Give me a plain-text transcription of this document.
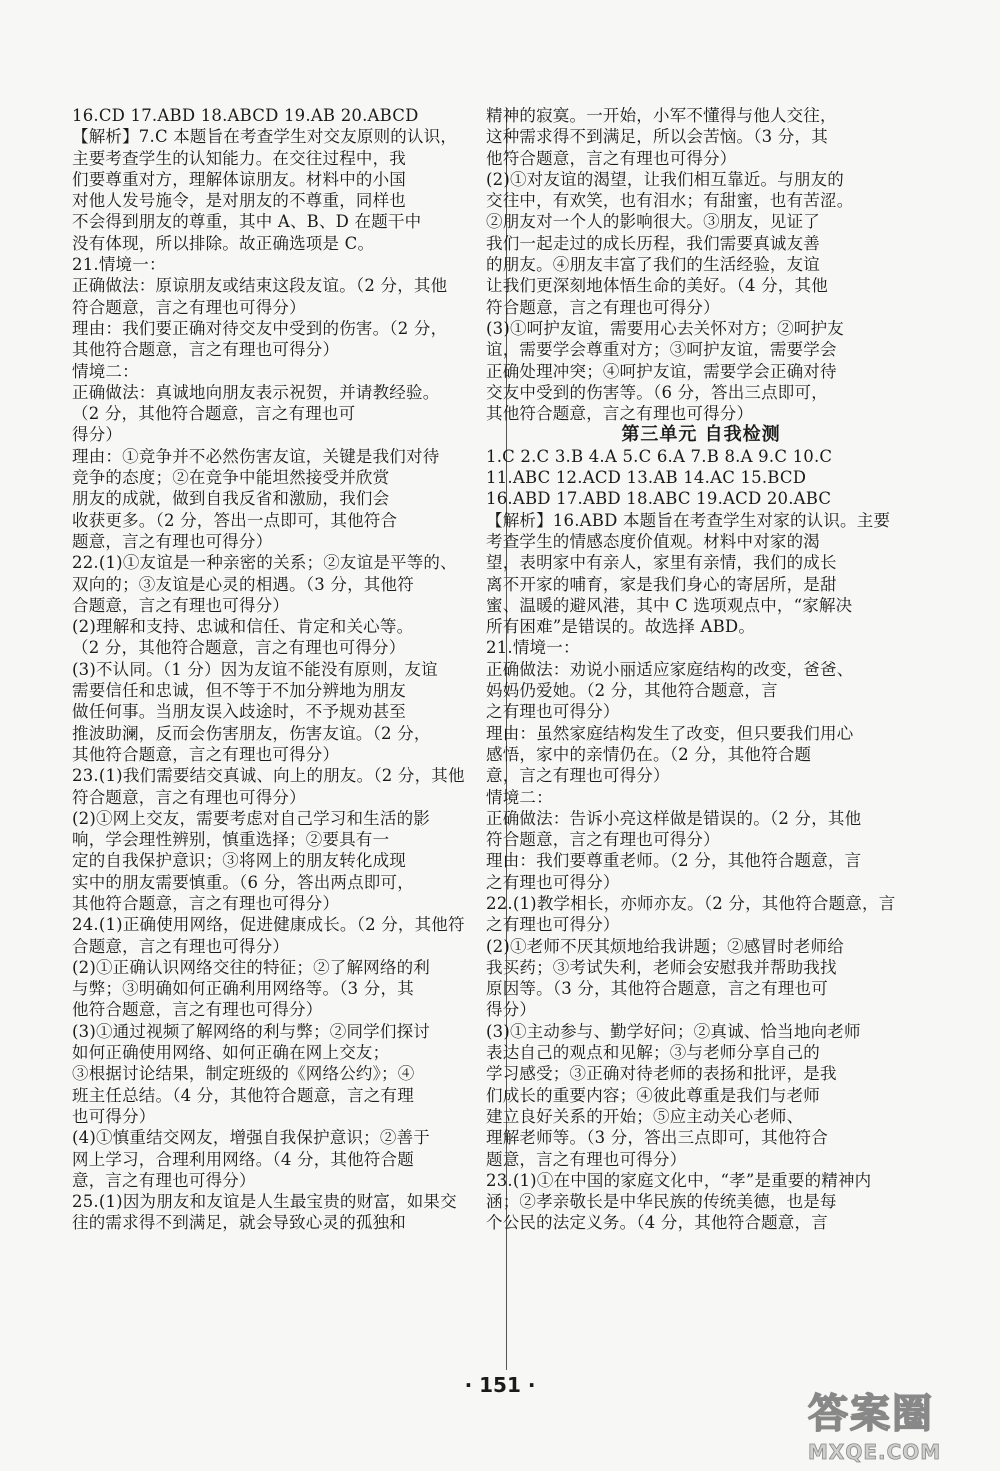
16.CD 17.ABD 18.ABCD 19.AB 20.ABCD
【解析】7.C 本题旨在考查学生对交友原则的认识，
主要考查学生的认知能力。在交往过程中，我
们要尊重对方，理解体谅朋友。材料中的小国
对他人发号施令，是对朋友的不尊重，同样也
不会得到朋友的尊重，其中 A、B、D 在题干中
没有体现，所以排除。故正确选项是 C。
21.情境一：
正确做法：原谅朋友或结束这段友谊。（2 分，其他
符合题意，言之有理也可得分）
理由：我们要正确对待交友中受到的伤害。（2 分，
其他符合题意，言之有理也可得分）
情境二：
正确做法：真诚地向朋友表示祝贺，并请教经验。
（2 分，其他符合题意，言之有理也可
得分）
理由：①竞争并不必然伤害友谊，关键是我们对待
竞争的态度；②在竞争中能坦然接受并欣赏
朋友的成就，做到自我反省和激励，我们会
收获更多。（2 分，答出一点即可，其他符合
题意，言之有理也可得分）
22.(1)①友谊是一种亲密的关系；②友谊是平等的、
双向的；③友谊是心灵的相遇。（3 分，其他符
合题意，言之有理也可得分）
(2)理解和支持、忠诚和信任、肯定和关心等。
（2 分，其他符合题意，言之有理也可得分）
(3)不认同。（1 分）因为友谊不能没有原则，友谊
需要信任和忠诚，但不等于不加分辨地为朋友
做任何事。当朋友误入歧途时，不予规劝甚至
推波助澜，反而会伤害朋友，伤害友谊。（2 分，
其他符合题意，言之有理也可得分）
23.(1)我们需要结交真诚、向上的朋友。（2 分，其他
符合题意，言之有理也可得分）
(2)①网上交友，需要考虑对自己学习和生活的影
响，学会理性辨别，慎重选择；②要具有一
定的自我保护意识；③将网上的朋友转化成现
实中的朋友需要慎重。（6 分，答出两点即可，
其他符合题意，言之有理也可得分）
24.(1)正确使用网络，促进健康成长。（2 分，其他符
合题意，言之有理也可得分）
(2)①正确认识网络交往的特征；②了解网络的利
与弊；③明确如何正确利用网络等。（3 分，其
他符合题意，言之有理也可得分）
(3)①通过视频了解网络的利与弊；②同学们探讨
如何正确使用网络、如何正确在网上交友；
③根据讨论结果，制定班级的《网络公约》；④
班主任总结。（4 分，其他符合题意，言之有理
也可得分）
(4)①慎重结交网友，增强自我保护意识；②善于
网上学习，合理利用网络。（4 分，其他符合题
意，言之有理也可得分）
25.(1)因为朋友和友谊是人生最宝贵的财富，如果交
往的需求得不到满足，就会导致心灵的孤独和
精神的寂寞。一开始，小军不懂得与他人交往，
这种需求得不到满足，所以会苦恼。（3 分，其
他符合题意，言之有理也可得分）
(2)①对友谊的渴望，让我们相互靠近。与朋友的
交往中，有欢笑，也有泪水；有甜蜜，也有苦涩。
②朋友对一个人的影响很大。③朋友，见证了
我们一起走过的成长历程，我们需要真诚友善
的朋友。④朋友丰富了我们的生活经验，友谊
让我们更深刻地体悟生命的美好。（4 分，其他
符合题意，言之有理也可得分）
(3)①呵护友谊，需要用心去关怀对方；②呵护友
谊，需要学会尊重对方；③呵护友谊，需要学会
正确处理冲突；④呵护友谊，需要学会正确对待
交友中受到的伤害等。（6 分，答出三点即可，
其他符合题意，言之有理也可得分）
第三单元 自我检测
1.C 2.C 3.B 4.A 5.C 6.A 7.B 8.A 9.C 10.C
11.ABC 12.ACD 13.AB 14.AC 15.BCD
16.ABD 17.ABD 18.ABC 19.ACD 20.ABC
【解析】16.ABD 本题旨在考查学生对家的认识。主要
考查学生的情感态度价值观。材料中对家的渴
望，表明家中有亲人，家里有亲情，我们的成长
离不开家的哺育，家是我们身心的寄居所，是甜
蜜、温暖的避风港，其中 C 选项观点中，“家解决
所有困难”是错误的。故选择 ABD。
21.情境一：
正确做法：劝说小丽适应家庭结构的改变，爸爸、
妈妈仍爱她。（2 分，其他符合题意，言
之有理也可得分）
理由：虽然家庭结构发生了改变，但只要我们用心
感悟，家中的亲情仍在。（2 分，其他符合题
意，言之有理也可得分）
情境二：
正确做法：告诉小亮这样做是错误的。（2 分，其他
符合题意，言之有理也可得分）
理由：我们要尊重老师。（2 分，其他符合题意，言
之有理也可得分）
22.(1)教学相长，亦师亦友。（2 分，其他符合题意，言
之有理也可得分）
(2)①老师不厌其烦地给我讲题；②感冒时老师给
我买药；③考试失利，老师会安慰我并帮助我找
原因等。（3 分，其他符合题意，言之有理也可
得分）
(3)①主动参与、勤学好问；②真诚、恰当地向老师
表达自己的观点和见解；③与老师分享自己的
学习感受；③正确对待老师的表扬和批评，是我
们成长的重要内容；④彼此尊重是我们与老师
建立良好关系的开始；⑤应主动关心老师、
理解老师等。（3 分，答出三点即可，其他符合
题意，言之有理也可得分）
23.(1)①在中国的家庭文化中，“孝”是重要的精神内
涵；②孝亲敬长是中华民族的传统美德，也是每
个公民的法定义务。（4 分，其他符合题意，言
· 151 ·
答案圈
MXQE.COM
